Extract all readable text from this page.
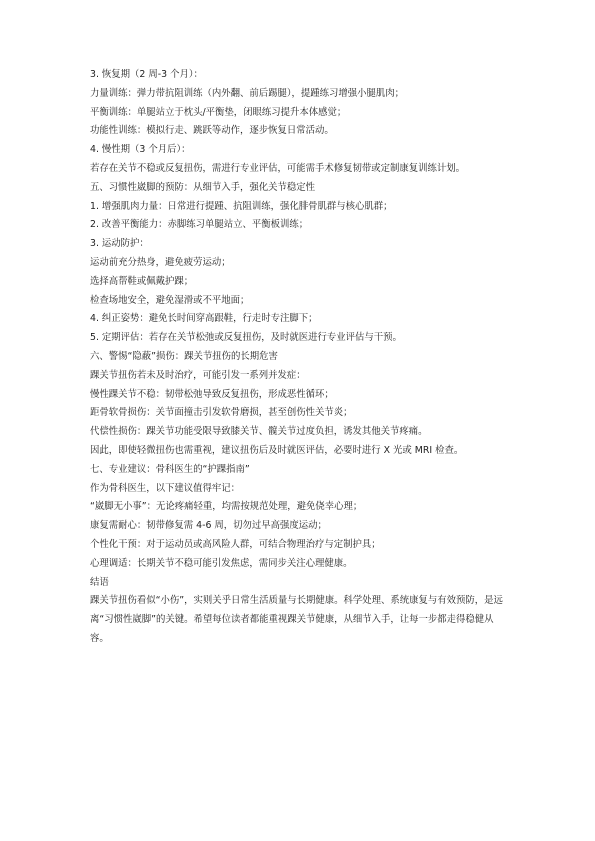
3. 恢复期（2 周-3 个月）：
力量训练：弹力带抗阻训练（内外翻、前后踢腿），提踵练习增强小腿肌肉；
平衡训练：单腿站立于枕头/平衡垫，闭眼练习提升本体感觉；
功能性训练：模拟行走、跳跃等动作，逐步恢复日常活动。
4. 慢性期（3 个月后）：
若存在关节不稳或反复扭伤，需进行专业评估，可能需手术修复韧带或定制康复训练计划。
五、习惯性崴脚的预防：从细节入手，强化关节稳定性
1. 增强肌肉力量：日常进行提踵、抗阻训练，强化腓骨肌群与核心肌群；
2. 改善平衡能力：赤脚练习单腿站立、平衡板训练；
3. 运动防护：
运动前充分热身，避免疲劳运动；
选择高帮鞋或佩戴护踝；
检查场地安全，避免湿滑或不平地面；
4. 纠正姿势：避免长时间穿高跟鞋，行走时专注脚下；
5. 定期评估：若存在关节松弛或反复扭伤，及时就医进行专业评估与干预。
六、警惕“隐蔽”损伤：踝关节扭伤的长期危害
踝关节扭伤若未及时治疗，可能引发一系列并发症：
慢性踝关节不稳：韧带松弛导致反复扭伤，形成恶性循环；
距骨软骨损伤：关节面撞击引发软骨磨损，甚至创伤性关节炎；
代偿性损伤：踝关节功能受限导致膝关节、髋关节过度负担，诱发其他关节疼痛。
因此，即使轻微扭伤也需重视，建议扭伤后及时就医评估，必要时进行 X 光或 MRI 检查。
七、专业建议：骨科医生的“护踝指南”
作为骨科医生，以下建议值得牢记：
“崴脚无小事”：无论疼痛轻重，均需按规范处理，避免侥幸心理；
康复需耐心：韧带修复需 4-6 周，切勿过早高强度运动；
个性化干预：对于运动员或高风险人群，可结合物理治疗与定制护具；
心理调适：长期关节不稳可能引发焦虑，需同步关注心理健康。
结语
踝关节扭伤看似“小伤”，实则关乎日常生活质量与长期健康。科学处理、系统康复与有效预防，是远离“习惯性崴脚”的关键。希望每位读者都能重视踝关节健康，从细节入手，让每一步都走得稳健从容。
